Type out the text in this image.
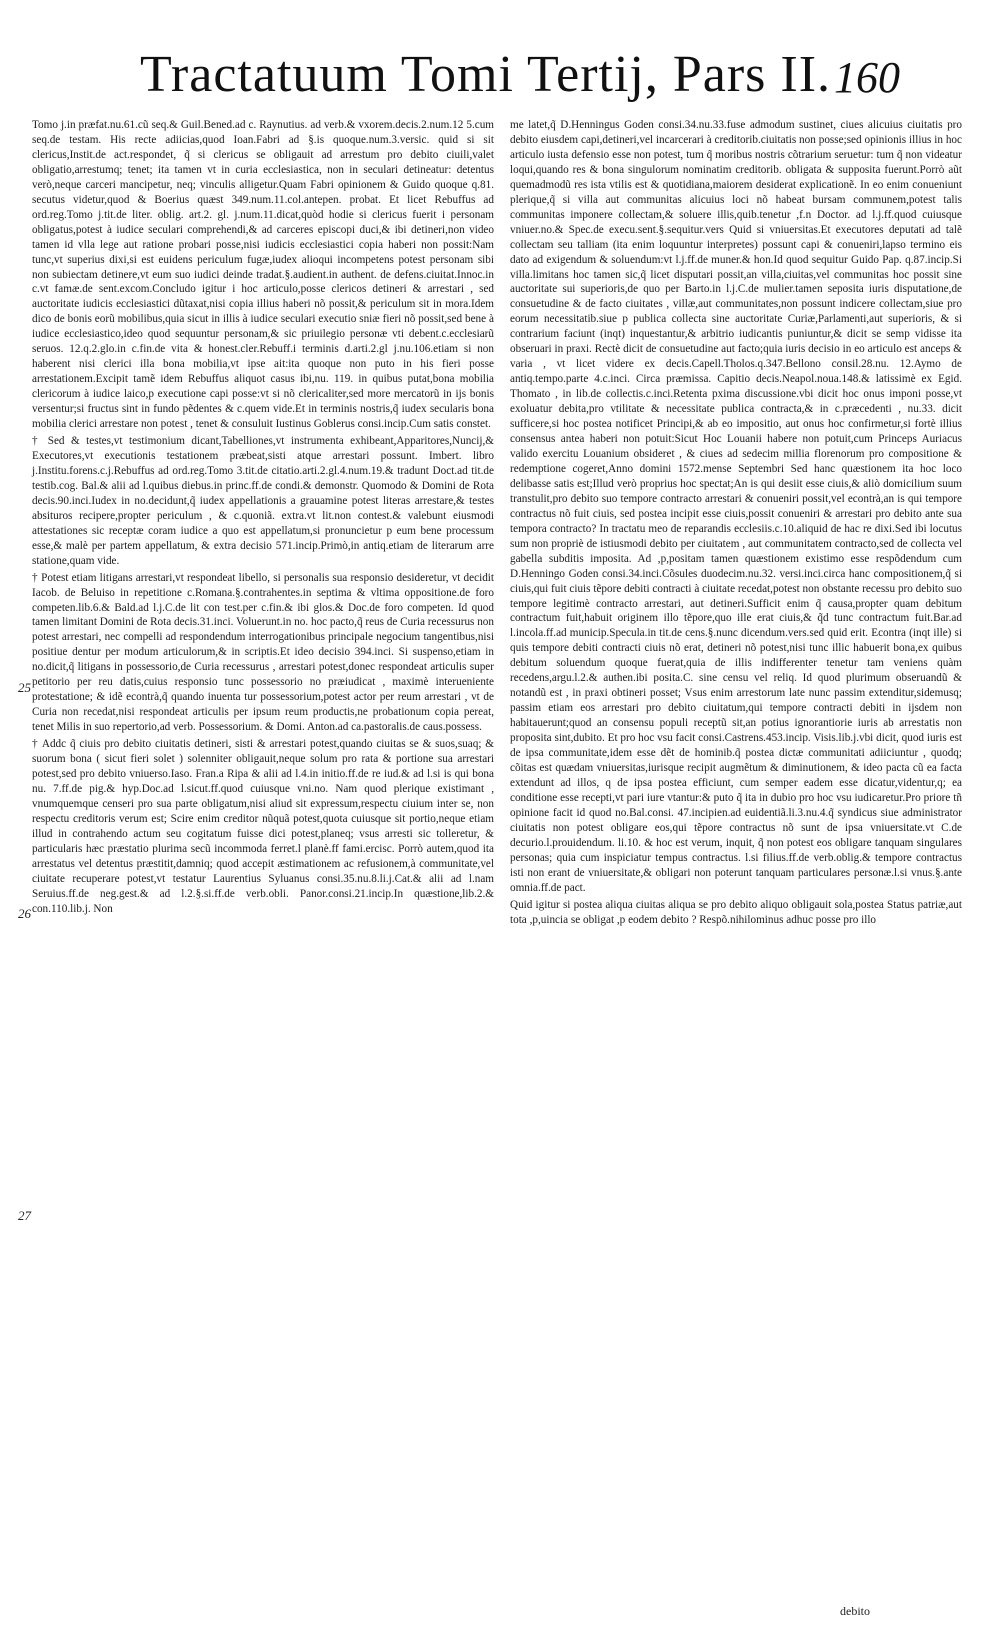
Tractatuum Tomi Tertij, Pars II. 160

Tomo j.in præfat.nu.61.cũ seq.& Guil.Bened.ad c. Raynutius. ad verb.& vxorem.decis.2.num.12 5.cum seq.de testam. His recte adiicias,quod Ioan.Fabri ad §.is quoque.num.3.versic. quid si sit clericus,Instit.de act.respondet, q̃ si clericus se obligauit ad arrestum pro debito ciuili,valet obligatio,arrestumq; tenet; ita tamen vt in curia ecclesiastica, non in seculari detineatur: detentus verò,neque carceri mancipetur, neq; vinculis alligetur.Quam Fabri opinionem & Guido quoque q.81. secutus videtur,quod & Boerius quæst 349.num.11.col.antepen. probat. Et licet Rebuffus ad ord.reg.Tomo j.tit.de liter. oblig. art.2. gl. j.num.11.dicat,quòd hodie si clericus fuerit i personam obligatus,potest à iudice seculari comprehendi,& ad carceres episcopi duci,& ibi detineri,non video tamen id vlla lege aut ratione probari posse,nisi iudicis ecclesiastici copia haberi non possit:Nam tunc,vt superius dixi,si est euidens periculum fugæ,iudex alioqui incompetens potest personam sibi non subiectam detinere,vt eum suo iudici deinde tradat.§.audient.in authent. de defens.ciuitat.Innoc.in c.vt famæ.de sent.excom.Concludo igitur i hoc articulo,posse clericos detineri & arrestari , sed auctoritate iudicis ecclesiastici dũtaxat,nisi copia illius haberi nõ possit,& periculum sit in mora.Idem dico de bonis eorũ mobilibus,quia sicut in illis à iudice seculari executio sniæ fieri nõ possit,sed bene à iudice ecclesiastico,ideo quod sequuntur personam,& sic priuilegio personæ vti debent.c.ecclesiarũ seruos. 12.q.2.glo.in c.fin.de vita & honest.cler.Rebuff.i terminis d.arti.2.gl j.nu.106.etiam si non haberent nisi clerici illa bona mobilia,vt ipse ait:ita quoque non puto in his fieri posse arrestationem.Excipit tamẽ idem Rebuffus aliquot casus ibi,nu. 119. in quibus putat,bona mobilia clericorum à iudice laico,p executione capi posse:vt si nõ clericaliter,sed more mercatorũ in ijs bonis versentur;si fructus sint in fundo pẽdentes & c.quem vide.Et in terminis nostris,q̃ iudex secularis bona mobilia clerici arrestare non potest , tenet & consuluit Iustinus Goblerus consi.incip.Cum satis constet.

† Sed & testes,vt testimonium dicant,Tabelliones,vt instrumenta exhibeant,Apparitores,Nuncij,& Executores,vt executionis testationem præbeat,sisti atque arrestari possunt. Imbert. libro j.Institu.forens.c.j.Rebuffus ad ord.reg.Tomo 3.tit.de citatio.arti.2.gl.4.num.19.& tradunt Doct.ad tit.de testib.cog. Bal.& alii ad l.quibus diebus.in princ.ff.de condi.& demonstr. Quomodo & Domini de Rota decis.90.inci.Iudex in no.decidunt,q̃ iudex appellationis a grauamine potest literas arrestare,& testes absituros recipere,propter periculum , & c.quoniã. extra.vt lit.non contest.& valebunt eiusmodi attestationes sic receptæ coram iudice a quo est appellatum,si pronuncietur p eum bene processum esse,& malè per partem appellatum, & extra decisio 571.incip.Primò,in antiq.etiam de literarum arre statione,quam vide.

† Potest etiam litigans arrestari,vt respondeat libello, si personalis sua responsio desideretur, vt decidit Iacob. de Beluiso in repetitione c.Romana.§.contrahentes.in septima & vltima oppositione.de foro competen.lib.6.& Bald.ad l.j.C.de lit con test.per c.fin.& ibi glos.& Doc.de foro competen. Id quod tamen limitant Domini de Rota decis.31.inci. Voluerunt.in no. hoc pacto,q̃ reus de Curia recessurus non potest arrestari, nec compelli ad respondendum interrogationibus principale negocium tangentibus,nisi positiue dentur per modum articulorum,& in scriptis.Et ideo decisio 394.inci. Si suspenso,etiam in no.dicit,q̃ litigans in possessorio,de Curia recessurus , arrestari potest,donec respondeat articulis super petitorio per reu datis,cuius responsio tunc possessorio no præiudicat , maximè interueniente protestatione; & idẽ econtrà,q̃ quando inuenta tur possessorium,potest actor per reum arrestari , vt de Curia non recedat,nisi respondeat articulis per ipsum reum productis,ne probationum copia pereat, tenet Milis in suo repertorio,ad verb. Possessorium. & Domi. Anton.ad ca.pastoralis.de caus.possess.

† Addc q̃ ciuis pro debito ciuitatis detineri, sisti & arrestari potest,quando ciuitas se & suos,suaq; & suorum bona ( sicut fieri solet ) solenniter obligauit,neque solum pro rata & portione sua arrestari potest,sed pro debito vniuerso.Iaso. Fran.a Ripa & alii ad l.4.in initio.ff.de re iud.& ad l.si is qui bona nu. 7.ff.de pig.& hyp.Doc.ad l.sicut.ff.quod cuiusque vni.no. Nam quod plerique existimant , vnumquemque censeri pro sua parte obligatum,nisi aliud sit expressum,respectu ciuium inter se, non respectu creditoris verum est; Scire enim creditor nũquã potest,quota cuiusque sit portio,neque etiam illud in contrahendo actum seu cogitatum fuisse dici potest,planeq; vsus arresti sic tolleretur, & particularis hæc præstatio plurima secũ incommoda ferret.l planè.ff fami.ercisc. Porrò autem,quod ita arrestatus vel detentus præstitit,damniq; quod accepit æstimationem ac refusionem,à communitate,vel ciuitate recuperare potest,vt testatur Laurentius Syluanus consi.35.nu.8.li.j.Cat.& alii ad l.nam Seruius.ff.de neg.gest.& ad l.2.§.si.ff.de verb.obli. Panor.consi.21.incip.In quæstione,lib.2.& con.110.lib.j. Non

25
26
27

me latet,q̃ D.Henningus Goden consi.34.nu.33.fuse admodum sustinet, ciues alicuius ciuitatis pro debito eiusdem capi,detineri,vel incarcerari à creditorib.ciuitatis non posse;sed opinionis illius in hoc articulo iusta defensio esse non potest, tum q̃ moribus nostris cõtrarium seruetur: tum q̃ non videatur loqui,quando res & bona singulorum nominatim creditorib. obligata & supposita fuerunt.Porrò aũt quemadmodũ res ista vtilis est & quotidiana,maiorem desiderat explicationẽ. In eo enim conueniunt plerique,q̃ si villa aut communitas alicuius loci nõ habeat bursam communem,potest talis communitas imponere collectam,& soluere illis,quib.tenetur ,f.n Doctor. ad l.j.ff.quod cuiusque vniuer.no.& Spec.de execu.sent.§.sequitur.vers Quid si vniuersitas.Et executores deputati ad talẽ collectam seu talliam (ita enim loquuntur interpretes) possunt capi & conueniri,lapso termino eis dato ad exigendum & soluendum:vt l.j.ff.de muner.& hon.Id quod sequitur Guido Pap. q.87.incip.Si villa.limitans hoc tamen sic,q̃ licet disputari possit,an villa,ciuitas,vel communitas hoc possit sine auctoritate sui superioris,de quo per Barto.in l.j.C.de mulier.tamen seposita iuris disputatione,de consuetudine & de facto ciuitates , villæ,aut communitates,non possunt indicere collectam,siue pro eorum necessitatib.siue p publica collecta sine auctoritate Curiæ,Parlamenti,aut superioris, & si contrarium faciunt (inqt) inquestantur,& arbitrio iudicantis puniuntur,& dicit se semp vidisse ita obseruari in praxi. Rectè dicit de consuetudine aut facto;quia iuris decisio in eo articulo est anceps & varia , vt licet videre ex decis.Capell.Tholos.q.347.Bellono consil.28.nu. 12.Aymo de antiq.tempo.parte 4.c.inci. Circa præmissa. Capitio decis.Neapol.noua.148.& latissimè ex Egid. Thomato , in lib.de collectis.c.inci.Retenta pxima discussione.vbi dicit hoc onus imponi posse,vt exoluatur debita,pro vtilitate & necessitate publica contracta,& in c.præcedenti , nu.33. dicit sufficere,si hoc postea notificet Principi,& ab eo impositio, aut onus hoc confirmetur,si fortè illius consensus antea haberi non potuit:Sicut Hoc Louanii habere non potuit,cum Princeps Auriacus valido exercitu Louanium obsideret , & ciues ad sedecim millia florenorum pro compositione & redemptione cogeret,Anno domini 1572.mense Septembri Sed hanc quæstionem ita hoc loco delibasse satis est;Illud verò proprius hoc spectat;An is qui desiit esse ciuis,& aliò domicilium suum transtulit,pro debito suo tempore contracto arrestari & conueniri possit,vel econtrà,an is qui tempore contractus nõ fuit ciuis, sed postea incipit esse ciuis,possit conueniri & arrestari pro debito ante sua tempora contracto? In tractatu meo de reparandis ecclesiis.c.10.aliquid de hac re dixi.Sed ibi locutus sum non propriè de istiusmodi debito per ciuitatem , aut communitatem contracto,sed de collecta vel gabella subditis imposita. Ad ,p,positam tamen quæstionem existimo esse respõdendum cum D.Henningo Goden consi.34.inci.Cõsules duodecim.nu.32. versi.inci.circa hanc compositionem,q̃ si ciuis,qui fuit ciuis tẽpore debiti contracti à ciuitate recedat,potest non obstante recessu pro debito suo tempore legitimè contracto arrestari, aut detineri.Sufficit enim q̃ causa,propter quam debitum contractum fuit,habuit originem illo tẽpore,quo ille erat ciuis,& q̃d tunc contractum fuit.Bar.ad l.incola.ff.ad municip.Specula.in tit.de cens.§.nunc dicendum.vers.sed quid erit. Econtra (inqt ille) si quis tempore debiti contracti ciuis nõ erat, detineri nõ potest,nisi tunc illic habuerit bona,ex quibus debitum soluendum quoque fuerat,quia de illis indifferenter tenetur tam veniens quàm recedens,argu.l.2.& authen.ibi posita.C. sine censu vel reliq. Id quod plurimum obseruandũ & notandũ est , in praxi obtineri posset; Vsus enim arrestorum late nunc passim extenditur,sidemusq; passim etiam eos arrestari pro debito ciuitatum,qui tempore contracti debiti in ijsdem non habitauerunt;quod an consensu populi receptũ sit,an potius ignorantiorie iuris ab arrestatis non proposita sint,dubito. Et pro hoc vsu facit consi.Castrens.453.incip. Visis.lib.j.vbi dicit, quod iuris est de ipsa communitate,idem esse dẽt de hominib.q̃ postea dictæ communitati adiiciuntur , quodq; cõitas est quædam vniuersitas,iurisque recipit augmẽtum & diminutionem, & ideo pacta cũ ea facta extendunt ad illos, q de ipsa postea efficiunt, cum semper eadem esse dicatur,videntur,q; ea conditione esse recepti,vt pari iure vtantur:& puto q̃ ita in dubio pro hoc vsu iudicaretur.Pro priore tñ opinione facit id quod no.Bal.consi. 47.incipien.ad euidentiã.li.3.nu.4.q̃ syndicus siue administrator ciuitatis non potest obligare eos,qui tẽpore contractus nõ sunt de ipsa vniuersitate.vt C.de decurio.l.prouidendum. li.10. & hoc est verum, inquit, q̃ non potest eos obligare tanquam singulares personas; quia cum inspiciatur tempus contractus. l.si filius.ff.de verb.oblig.& tempore contractus isti non erant de vniuersitate,& obligari non poterunt tanquam particulares personæ.l.si vnus.§.ante omnia.ff.de pact.

Quid igitur si postea aliqua ciuitas aliqua se pro debito aliquo obligauit sola,postea Status patriæ,aut tota ,p,uincia se obligat ,p eodem debito ? Respõ.nihilominus adhuc posse pro illo

debito
